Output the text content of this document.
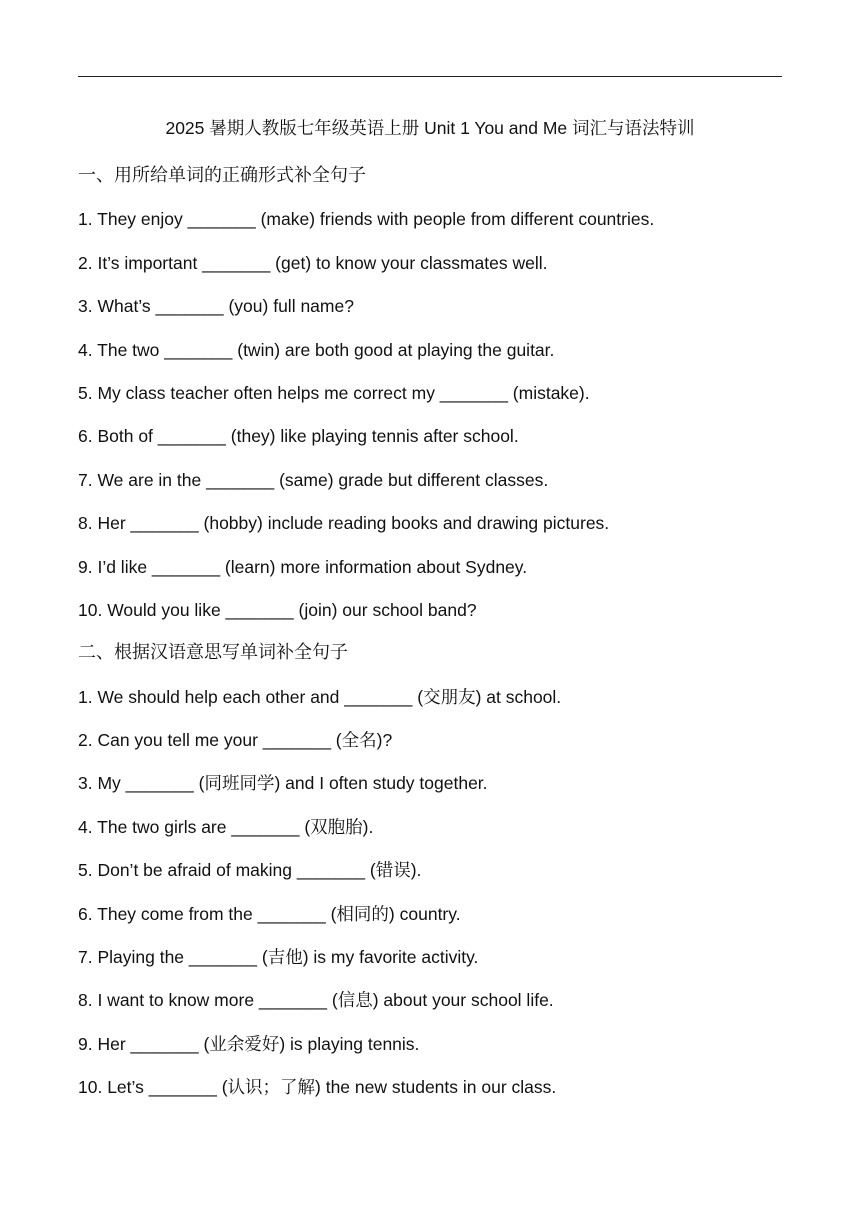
2025 暑期人教版七年级英语上册 Unit 1 You and Me 词汇与语法特训
一、用所给单词的正确形式补全句子
1. They enjoy _______ (make) friends with people from different countries.
2. It’s important _______ (get) to know your classmates well.
3. What’s _______ (you) full name?
4. The two _______ (twin) are both good at playing the guitar.
5. My class teacher often helps me correct my _______ (mistake).
6. Both of _______ (they) like playing tennis after school.
7. We are in the _______ (same) grade but different classes.
8. Her _______ (hobby) include reading books and drawing pictures.
9. I’d like _______ (learn) more information about Sydney.
10. Would you like _______ (join) our school band?
二、根据汉语意思写单词补全句子
1. We should help each other and _______ (交朋友) at school.
2. Can you tell me your _______ (全名)?
3. My _______ (同班同学) and I often study together.
4. The two girls are _______ (双胞胎).
5. Don’t be afraid of making _______ (错误).
6. They come from the _______ (相同的) country.
7. Playing the _______ (吉他) is my favorite activity.
8. I want to know more _______ (信息) about your school life.
9. Her _______ (业余爱好) is playing tennis.
10. Let’s _______ (认识；了解) the new students in our class.
